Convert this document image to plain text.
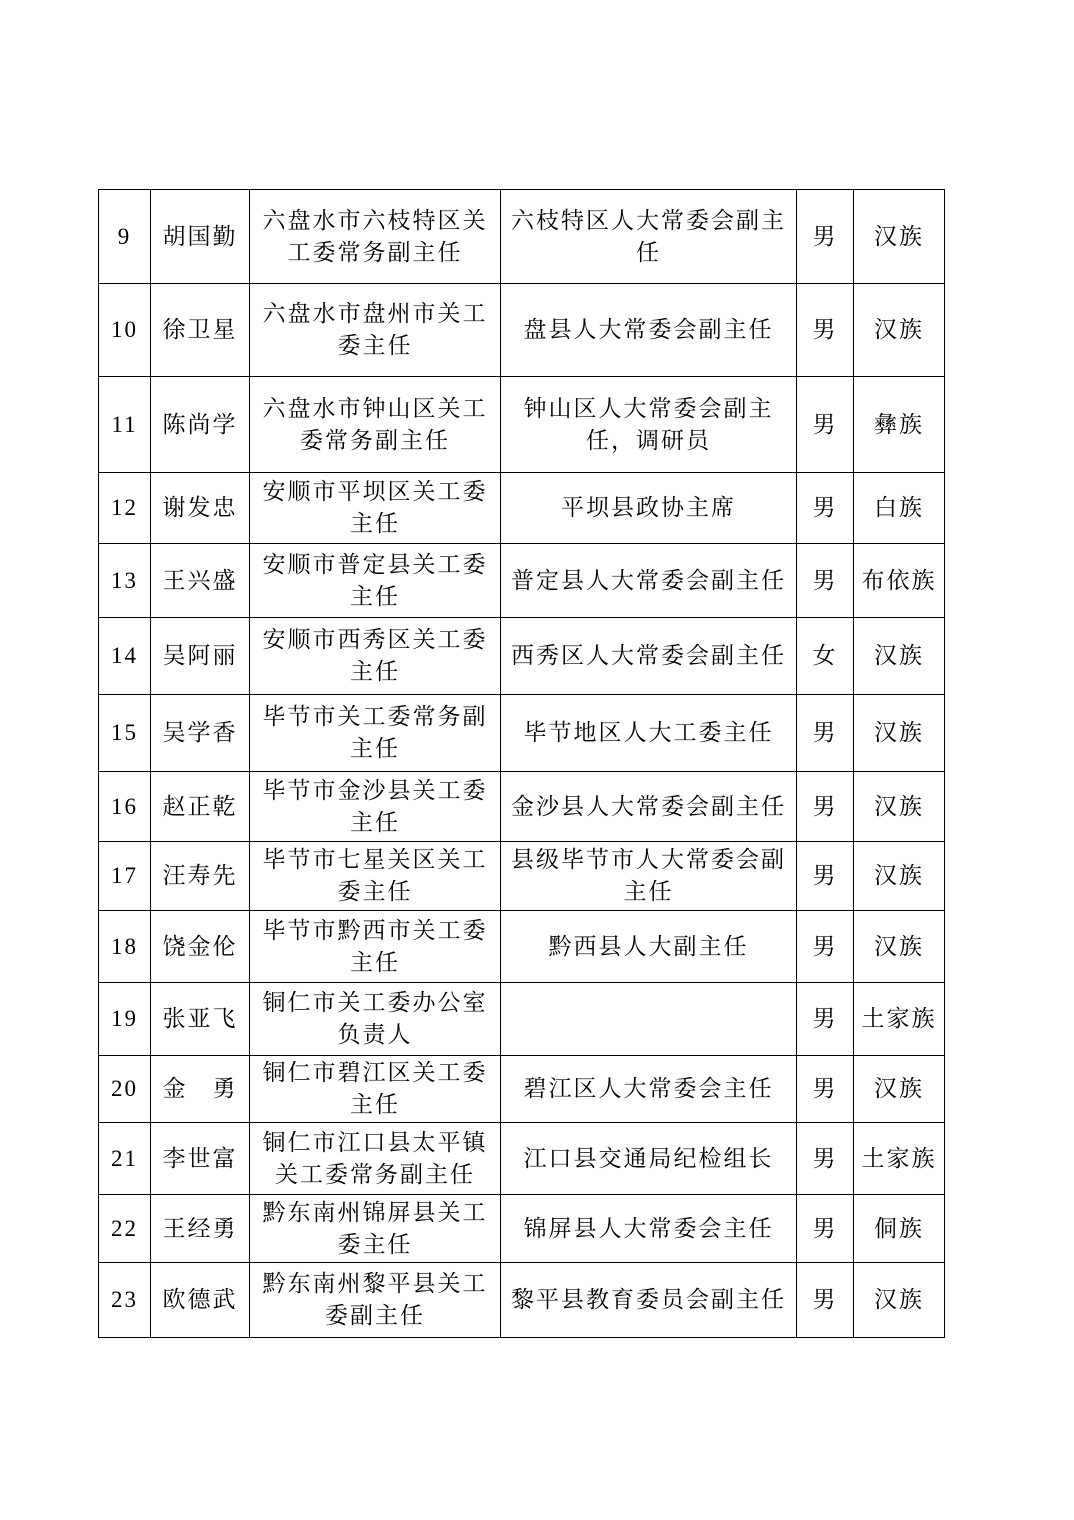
9	胡国勤	六盘水市六枝特区关工委常务副主任	六枝特区人大常委会副主任	男	汉族
10	徐卫星	六盘水市盘州市关工委主任	盘县人大常委会副主任	男	汉族
11	陈尚学	六盘水市钟山区关工委常务副主任	钟山区人大常委会副主任，调研员	男	彝族
12	谢发忠	安顺市平坝区关工委主任	平坝县政协主席	男	白族
13	王兴盛	安顺市普定县关工委主任	普定县人大常委会副主任	男	布依族
14	吴阿丽	安顺市西秀区关工委主任	西秀区人大常委会副主任	女	汉族
15	吴学香	毕节市关工委常务副主任	毕节地区人大工委主任	男	汉族
16	赵正乾	毕节市金沙县关工委主任	金沙县人大常委会副主任	男	汉族
17	汪寿先	毕节市七星关区关工委主任	县级毕节市人大常委会副主任	男	汉族
18	饶金伦	毕节市黔西市关工委主任	黔西县人大副主任	男	汉族
19	张亚飞	铜仁市关工委办公室负责人		男	土家族
20	金　勇	铜仁市碧江区关工委主任	碧江区人大常委会主任	男	汉族
21	李世富	铜仁市江口县太平镇关工委常务副主任	江口县交通局纪检组长	男	土家族
22	王经勇	黔东南州锦屏县关工委主任	锦屏县人大常委会主任	男	侗族
23	欧德武	黔东南州黎平县关工委副主任	黎平县教育委员会副主任	男	汉族
